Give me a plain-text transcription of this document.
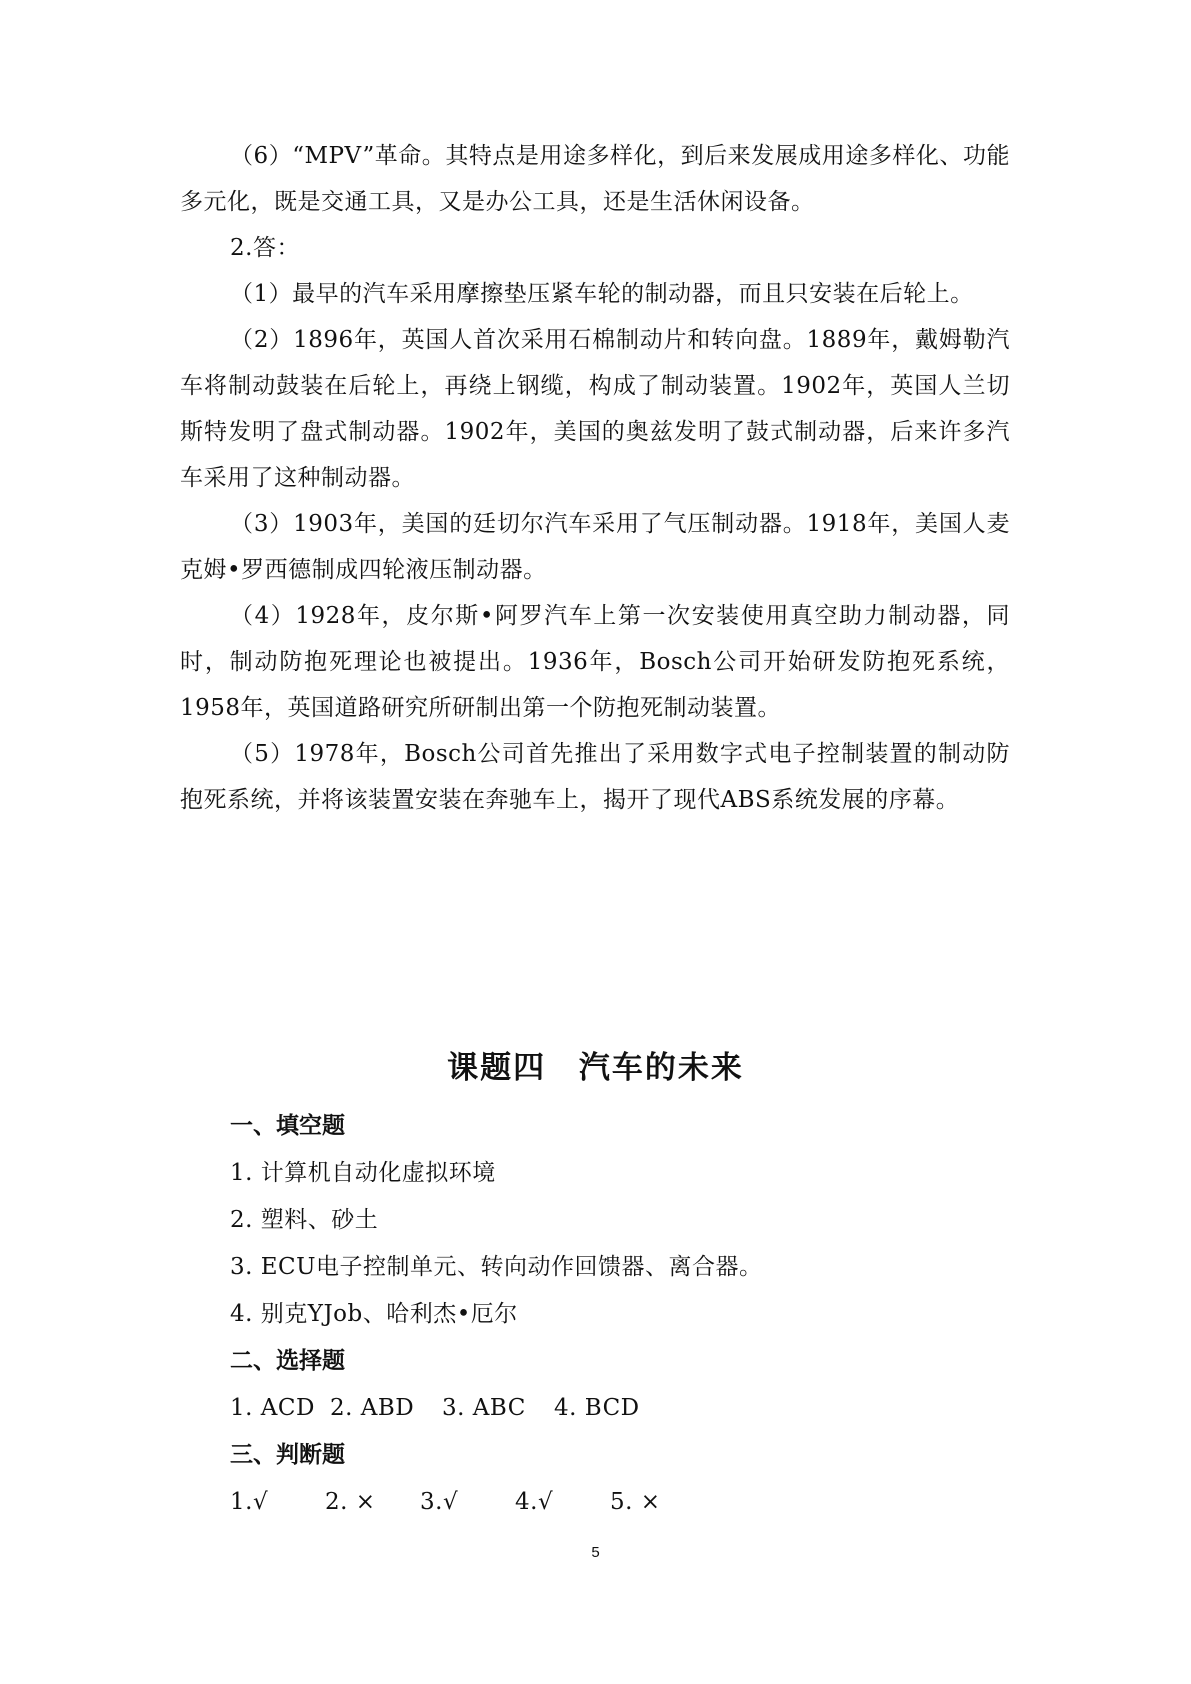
（6）“MPV”革命。其特点是用途多样化，到后来发展成用途多样化、功能多元化，既是交通工具，又是办公工具，还是生活休闲设备。

2.答：

（1）最早的汽车采用摩擦垫压紧车轮的制动器，而且只安装在后轮上。

（2）1896年，英国人首次采用石棉制动片和转向盘。1889年，戴姆勒汽车将制动鼓装在后轮上，再绕上钢缆，构成了制动装置。1902年，英国人兰切斯特发明了盘式制动器。1902年，美国的奥兹发明了鼓式制动器，后来许多汽车采用了这种制动器。

（3）1903年，美国的廷切尔汽车采用了气压制动器。1918年，美国人麦克姆•罗西德制成四轮液压制动器。

（4）1928年，皮尔斯•阿罗汽车上第一次安装使用真空助力制动器，同时，制动防抱死理论也被提出。1936年，Bosch公司开始研发防抱死系统，1958年，英国道路研究所研制出第一个防抱死制动装置。

（5）1978年，Bosch公司首先推出了采用数字式电子控制装置的制动防抱死系统，并将该装置安装在奔驰车上，揭开了现代ABS系统发展的序幕。

课题四 汽车的未来
一、填空题
1. 计算机自动化虚拟环境
2. 塑料、砂土
3. ECU电子控制单元、转向动作回馈器、离合器。
4. 别克YJob、哈利杰•厄尔
二、选择题
1. ACD 2. ABD	3. ABC	4. BCD
三、判断题
1.√	2. ×	3.√	4.√	5. ×
5
